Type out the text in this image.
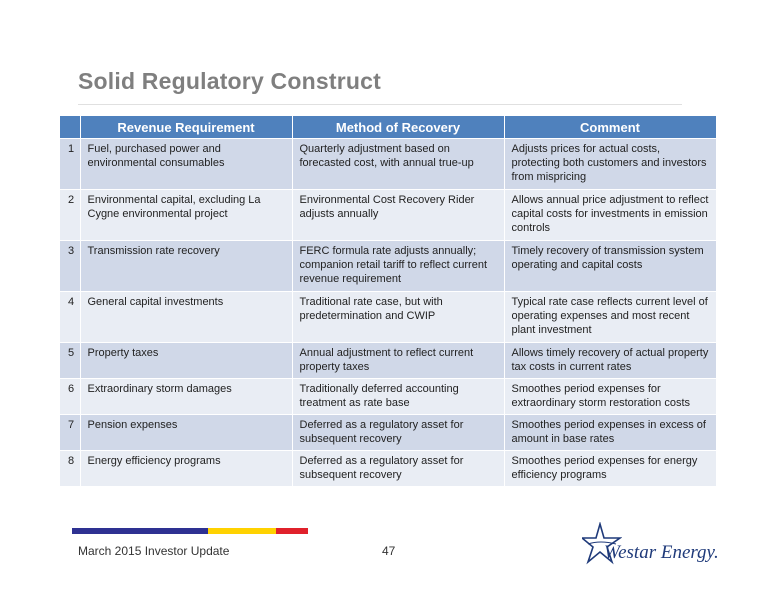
Solid Regulatory Construct
	Revenue Requirement	Method of Recovery	Comment
1	Fuel, purchased power and environmental consumables	Quarterly adjustment based on forecasted cost, with annual true-up	Adjusts prices for actual costs, protecting both customers and investors from mispricing
2	Environmental capital, excluding La Cygne environmental project	Environmental Cost Recovery Rider adjusts annually	Allows annual price adjustment to reflect capital costs for investments in emission controls
3	Transmission rate recovery	FERC formula rate adjusts annually; companion retail tariff to reflect current revenue requirement	Timely recovery of transmission system operating and capital costs
4	General capital investments	Traditional rate case, but with predetermination and CWIP	Typical rate case reflects current level of operating expenses and most recent plant investment
5	Property taxes	Annual adjustment to reflect current property taxes	Allows timely recovery of actual property tax costs in current rates
6	Extraordinary storm damages	Traditionally deferred accounting treatment as rate base	Smoothes period expenses for extraordinary storm restoration costs
7	Pension expenses	Deferred as a regulatory asset for subsequent recovery	Smoothes period expenses in excess of amount in base rates
8	Energy efficiency programs	Deferred as a regulatory asset for subsequent recovery	Smoothes period expenses for energy efficiency programs
March 2015 Investor Update	47	Westar Energy.
